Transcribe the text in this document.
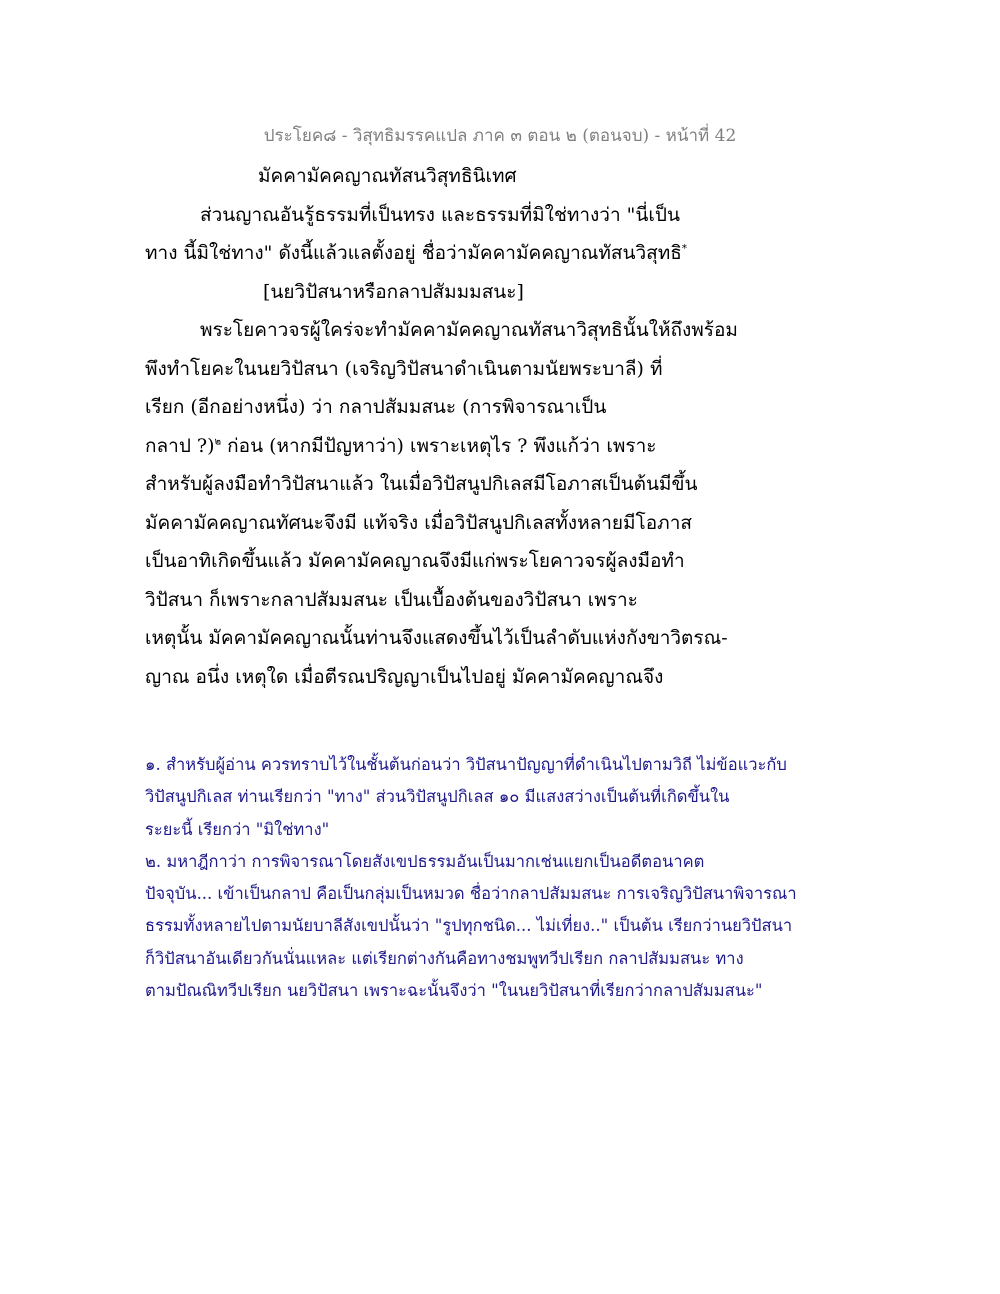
ประโยค๘ - วิสุทธิมรรคแปล ภาค ๓ ตอน ๒ (ตอนจบ) - หน้าที่ 42
มัคคามัคคญาณทัสนวิสุทธินิเทศ
ส่วนญาณอันรู้ธรรมที่เป็นทรง และธรรมที่มิใช่ทางว่า "นี่เป็น
ทาง นี้มิใช่ทาง" ดังนี้แล้วแลตั้งอยู่ ชื่อว่ามัคคามัคคญาณทัสนวิสุทธิ*
[นยวิปัสนาหรือกลาปสัมมมสนะ]
พระโยคาวจรผู้ใคร่จะทำมัคคามัคคญาณทัสนาวิสุทธินั้นให้ถึงพร้อม
พึงทำโยคะในนยวิปัสนา (เจริญวิปัสนาดำเนินตามนัยพระบาลี) ที่
เรียก (อีกอย่างหนึ่ง) ว่า กลาปสัมมสนะ (การพิจารณาเป็น
กลาป ?)$^๒$ ก่อน (หากมีปัญหาว่า) เพราะเหตุไร ? พึงแก้ว่า เพราะ
สำหรับผู้ลงมือทำวิปัสนาแล้ว ในเมื่อวิปัสนูปกิเลสมีโอภาสเป็นต้นมีขึ้น
มัคคามัคคญาณทัศนะจึงมี แท้จริง เมื่อวิปัสนูปกิเลสทั้งหลายมีโอภาส
เป็นอาทิเกิดขึ้นแล้ว มัคคามัคคญาณจึงมีแก่พระโยคาวจรผู้ลงมือทำ
วิปัสนา ก็เพราะกลาปสัมมสนะ เป็นเบื้องต้นของวิปัสนา เพราะ
เหตุนั้น มัคคามัคคญาณนั้นท่านจึงแสดงขึ้นไว้เป็นลำดับแห่งกังขาวิตรณ-
ญาณ อนึ่ง เหตุใด เมื่อตีรณปริญญาเป็นไปอยู่ มัคคามัคคญาณจึง
๑. สำหรับผู้อ่าน ควรทราบไว้ในชั้นต้นก่อนว่า วิปัสนาปัญญาที่ดำเนินไปตามวิถี ไม่ข้อแวะกับ
วิปัสนูปกิเลส ท่านเรียกว่า "ทาง" ส่วนวิปัสนูปกิเลส ๑๐ มีแสงสว่างเป็นต้นที่เกิดขึ้นใน
ระยะนี้ เรียกว่า "มิใช่ทาง"
๒. มหาฎีกาว่า การพิจารณาโดยสังเขปธรรมอันเป็นมากเช่นแยกเป็นอดีตอนาคต
ปัจจุบัน... เข้าเป็นกลาป คือเป็นกลุ่มเป็นหมวด ชื่อว่ากลาปสัมมสนะ การเจริญวิปัสนาพิจารณา
ธรรมทั้งหลายไปตามนัยบาลีสังเขปนั้นว่า "รูปทุกชนิด... ไม่เที่ยง.." เป็นต้น เรียกว่านยวิปัสนา
ก็วิปัสนาอันเดียวกันนั่นแหละ แต่เรียกต่างกันคือทางชมพูทวีปเรียก กลาปสัมมสนะ ทาง
ตามปัณณิทวีปเรียก นยวิปัสนา เพราะฉะนั้นจึงว่า "ในนยวิปัสนาที่เรียกว่ากลาปสัมมสนะ"
